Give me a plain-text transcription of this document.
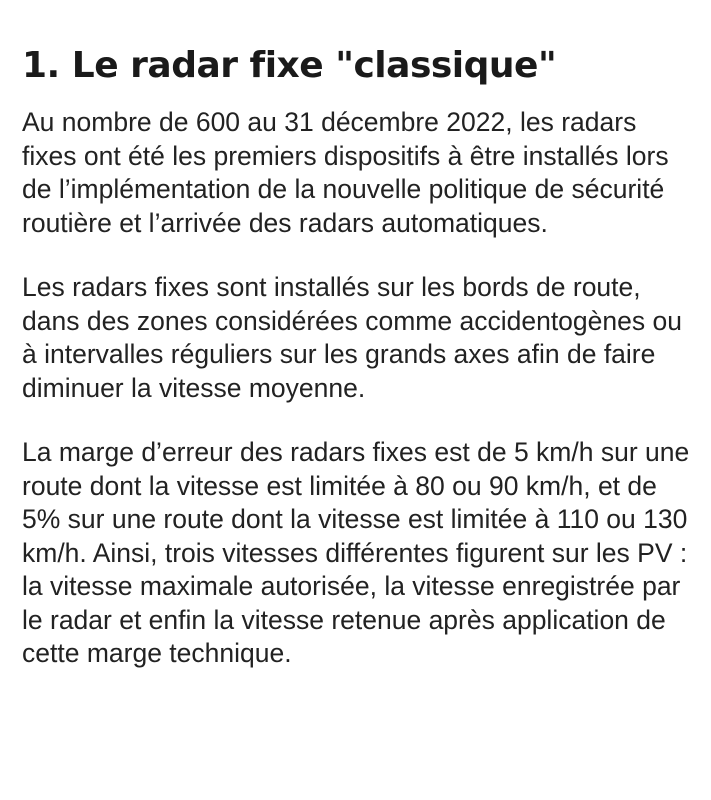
1. Le radar fixe "classique"

Au nombre de 600 au 31 décembre 2022, les radars fixes ont été les premiers dispositifs à être installés lors de l’implémentation de la nouvelle politique de sécurité routière et l’arrivée des radars automatiques.

Les radars fixes sont installés sur les bords de route, dans des zones considérées comme accidentogènes ou à intervalles réguliers sur les grands axes afin de faire diminuer la vitesse moyenne.

La marge d’erreur des radars fixes est de 5 km/h sur une route dont la vitesse est limitée à 80 ou 90 km/h, et de 5% sur une route dont la vitesse est limitée à 110 ou 130 km/h. Ainsi, trois vitesses différentes figurent sur les PV : la vitesse maximale autorisée, la vitesse enregistrée par le radar et enfin la vitesse retenue après application de cette marge technique.
